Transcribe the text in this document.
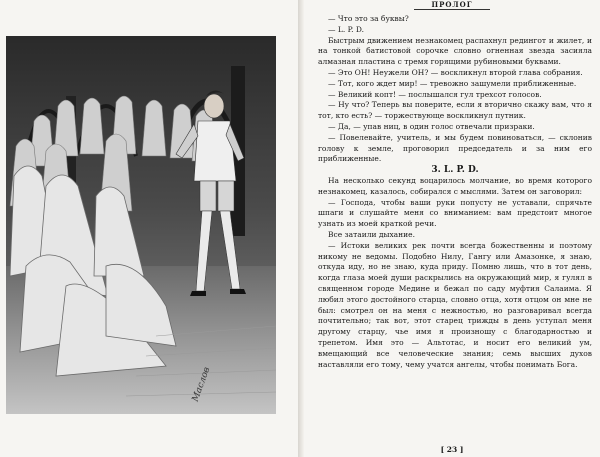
Маслов
ПРОЛОГ

— Что это за буквы?

— L. P. D.

Быстрым движением незнакомец распахнул редингот и жилет, и на тонкой батистовой сорочке словно огненная звезда засияла алмазная пластина с тремя горящими рубиновыми буквами.

— Это ОН! Неужели ОН? — воскликнул второй глава собрания.

— Тот, кого ждет мир! — тревожно зашумели приближенные.

— Великий копт! — послышался гул трехсот голосов.

— Ну что? Теперь вы поверите, если я вторично скажу вам, что я тот, кто есть? — торжествующе воскликнул путник.

— Да, — упав ниц, в один голос отвечали призраки.

— Повелевайте, учитель, и мы будем повиноваться, — склонив голову к земле, проговорил председатель и за ним его приближенные.

3. L. P. D.

На несколько секунд воцарилось молчание, во время которого незнакомец, казалось, собирался с мыслями. Затем он заговорил:

— Господа, чтобы ваши руки попусту не уставали, спрячьте шпаги и слушайте меня со вниманием: вам предстоит многое узнать из моей краткой речи.

Все затаили дыхание.

— Истоки великих рек почти всегда божественны и поэтому никому не ведомы. Подобно Нилу, Гангу или Амазонке, я знаю, откуда иду, но не знаю, куда приду. Помню лишь, что в тот день, когда глаза моей души раскрылись на окружающий мир, я гулял в священном городе Медине и бежал по саду муфтия Салаима. Я любил этого достойного старца, словно отца, хотя отцом он мне не был: смотрел он на меня с нежностью, но разговаривал всегда почтительно; так вот, этот старец трижды в день уступал меня другому старцу, чье имя я произношу с благодарностью и трепетом. Имя это — Альтотас, и носит его великий ум, вмещающий все человеческие знания; семь высших духов наставляли его тому, чему учатся ангелы, чтобы понимать Бога.

[ 23 ]
